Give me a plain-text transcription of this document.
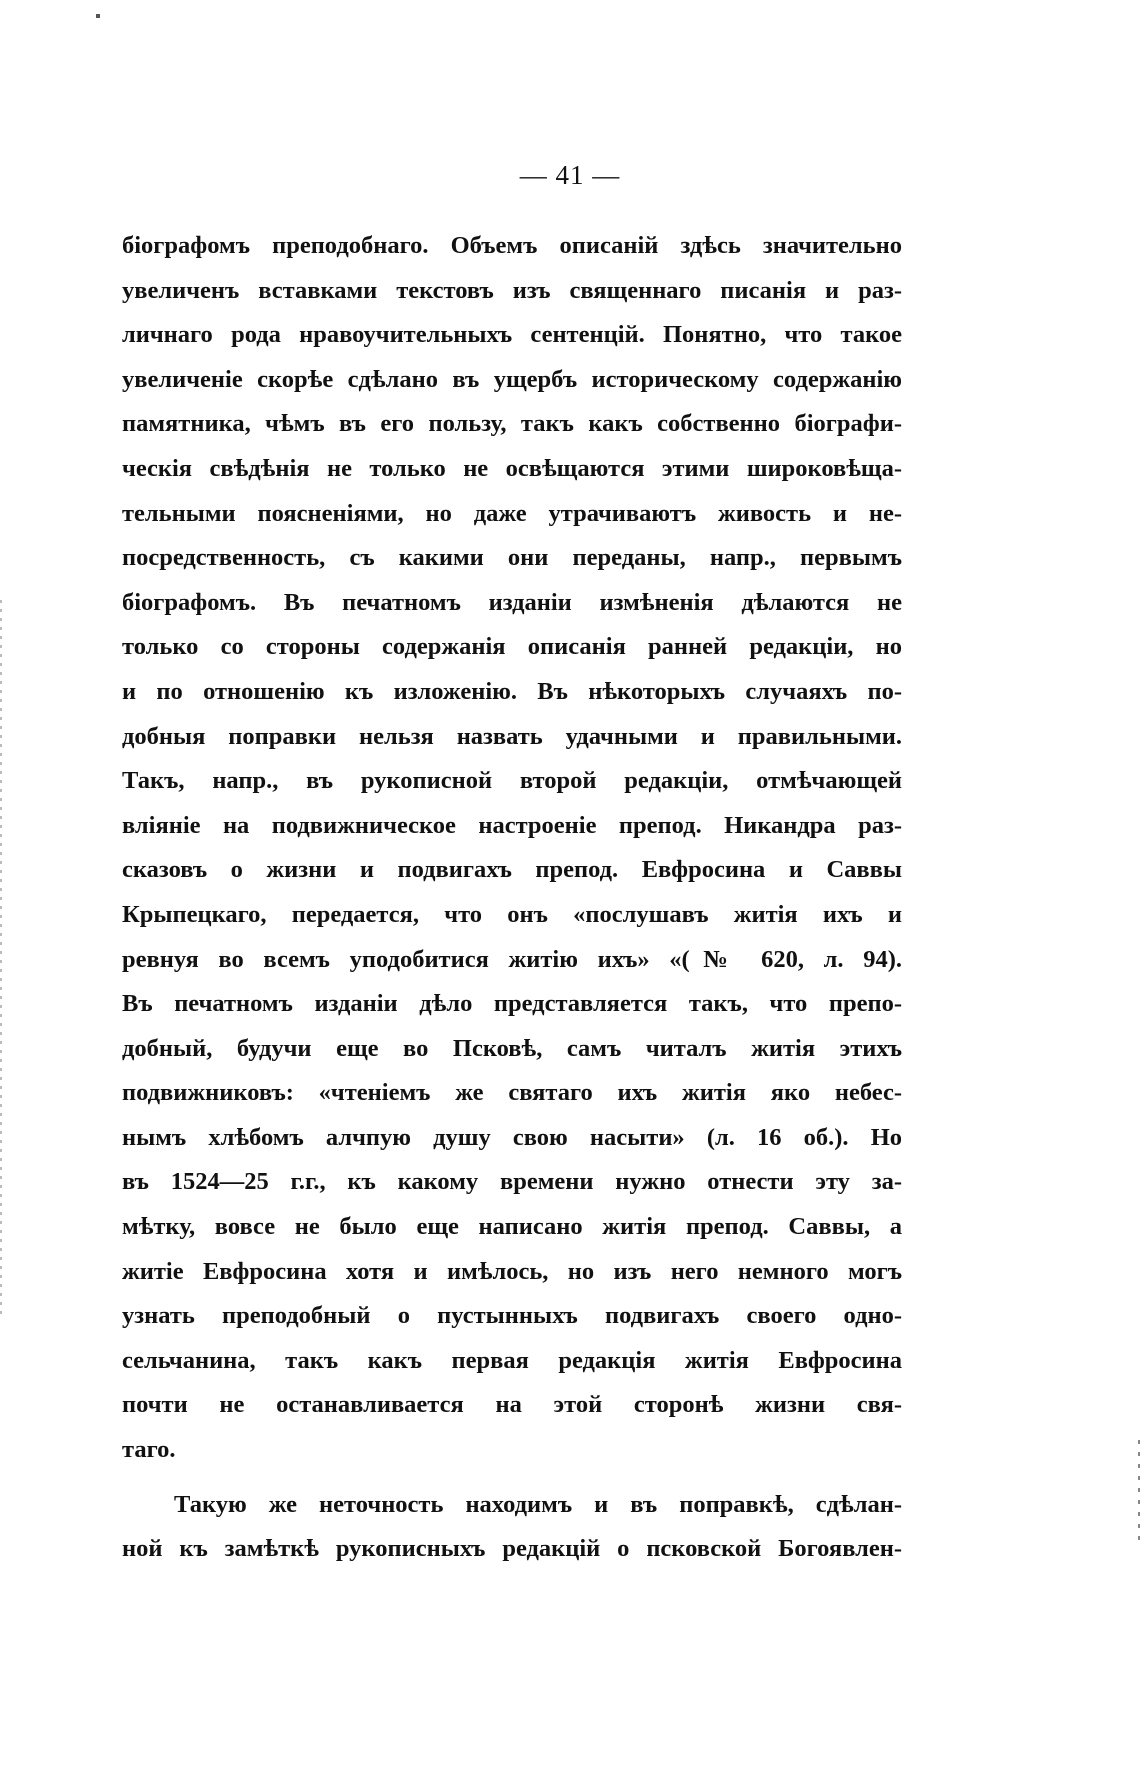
— 41 —
біографомъ преподобнаго. Объемъ описаній здѣсь значительно
увеличенъ вставками текстовъ изъ священнаго писанія и раз-
личнаго рода нравоучительныхъ сентенцій. Понятно, что такое
увеличеніе скорѣе сдѣлано въ ущербъ историческому содержанію
памятника, чѣмъ въ его пользу, такъ какъ собственно біографи-
ческія свѣдѣнія не только не освѣщаются этими широковѣща-
тельными поясненіями, но даже утрачиваютъ живость и не-
посредственность, съ какими они переданы, напр., первымъ
біографомъ. Въ печатномъ изданіи измѣненія дѣлаются не
только со стороны содержанія описанія ранней редакціи, но
и по отношенію къ изложенію. Въ нѣкоторыхъ случаяхъ по-
добныя поправки нельзя назвать удачными и правильными.
Такъ, напр., въ рукописной второй редакціи, отмѣчающей
вліяніе на подвижническое настроеніе препод. Никандра раз-
сказовъ о жизни и подвигахъ препод. Евфросина и Саввы
Крыпецкаго, передается, что онъ «послушавъ житія ихъ и
ревнуя во всемъ уподобитися житію ихъ» «(№ 620, л. 94).
Въ печатномъ изданіи дѣло представляется такъ, что препо-
добный, будучи еще во Псковѣ, самъ читалъ житія этихъ
подвижниковъ: «чтеніемъ же святаго ихъ житія яко небес-
нымъ хлѣбомъ алчпую душу свою насыти» (л. 16 об.). Но
въ 1524—25 г.г., къ какому времени нужно отнести эту за-
мѣтку, вовсе не было еще написано житія препод. Саввы, а
житіе Евфросина хотя и имѣлось, но изъ него немного могъ
узнать преподобный о пустынныхъ подвигахъ своего одно-
сельчанина, такъ какъ первая редакція житія Евфросина
почти не останавливается на этой сторонѣ жизни свя-
таго.
Такую же неточность находимъ и въ поправкѣ, сдѣлан-
ной къ замѣткѣ рукописныхъ редакцій о псковской Богоявлен-
